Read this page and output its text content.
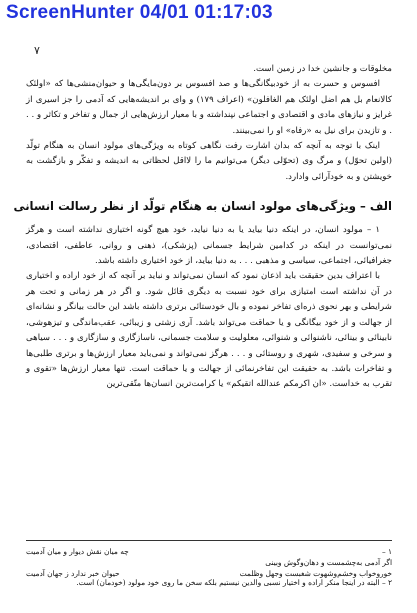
ScreenHunter 04/01 01:17:03
۷

مخلوقات و جانشین خدا در زمین است.

افسوس و حسرت به از خودبیگانگی‌ها و صد افسوس بر دون‌مایگی‌ها و حیوان‌منشی‌ها که «اولئک کالانعام بل هم اضل اولئک هم الغافلون» (اعراف ۱۷۹) و وای بر اندیشه‌هایی که آدمی را جز اسیری از غرایز و نیازهای مادی و اقتصادی و اجتماعی نپنداشته و با معیار ارزش‌هایی از جمال و تفاخر و تکاثر و . . . و تازیدن برای نیل به «رفاه» او را نمی‌بینند.

اینک با توجه به آنچه که بدان اشارت رفت نگاهی کوتاه به ویژگی‌های مولود انسان به هنگام تولّد (اولین تحوّل) و مرگ وی (تحوّلی دیگر) می‌توانیم ما را لااقل لحظاتی به اندیشه و تفکّر و بازگشت به خویشتن و به خودآرائی وادارد.

الف – ویژگی‌های مولود انسان به هنگام تولّد از نظر رسالت انسانی

۱ – مولود انسان، در اینکه دنیا بیاید یا به دنیا نیاید، خود هیچ گونه اختیاری نداشته است و هرگز نمی‌توانست در اینکه در کدامین شرایط جسمانی (پزشکی)، ذهنی و روانی، عاطفی، اقتصادی، جغرافیائی، اجتماعی، سیاسی و مذهبی . . . به دنیا بیاید، از خود اختیاری داشته باشد.

با اعتراف بدین حقیقت باید اذعان نمود که انسان نمی‌تواند و نباید بر آنچه که از خود اراده و اختیاری در آن نداشته است امتیازی برای خود نسبت به دیگری قائل شود. و اگر در هر زمانی و تحت هر شرایطی و بهر نحوی ذره‌ای تفاخر نموده و بال خودستائی برتری داشته باشد این حالت بیانگر و نشانه‌ای از جهالت و از خود بیگانگی و یا حماقت می‌تواند باشد. آری زشتی و زیبائی، عقب‌ماندگی و تیزهوشی، نابینائی و بینائی، ناشنوائی و شنوائی، معلولیت و سلامت جسمانی، ناسازگاری و سازگاری و . . . سیاهی و سرخی و سفیدی، شهری و روستائی و . . . هرگز نمی‌تواند و نمی‌باید معیار ارزش‌ها و برتری طلبی‌ها و تفاخرات باشد. به حقیقت این تفاخرنمائی از جهالت و یا حماقت است. تنها معیار ارزش‌ها «تقوی و تقرب به خداست. «ان اکرمکم عندالله اتقیکم» یا کرامت‌ترین انسان‌ها متّقی‌ترین

۱ –
اگر آدمی به‌چشمست و دهان‌وگوش وبینی
چه میان نقش دیوار و میان آدمیت
خوروخواب وخشم‌وشهوت شغبست وجهل وظلمت
حیوان خبر ندارد ز جهان آدمیت
۲ – البته در اینجا منکر اراده و اختیار نسبی والدین نیستیم بلکه سخن ما روی خود مولود (خودمان) است.
